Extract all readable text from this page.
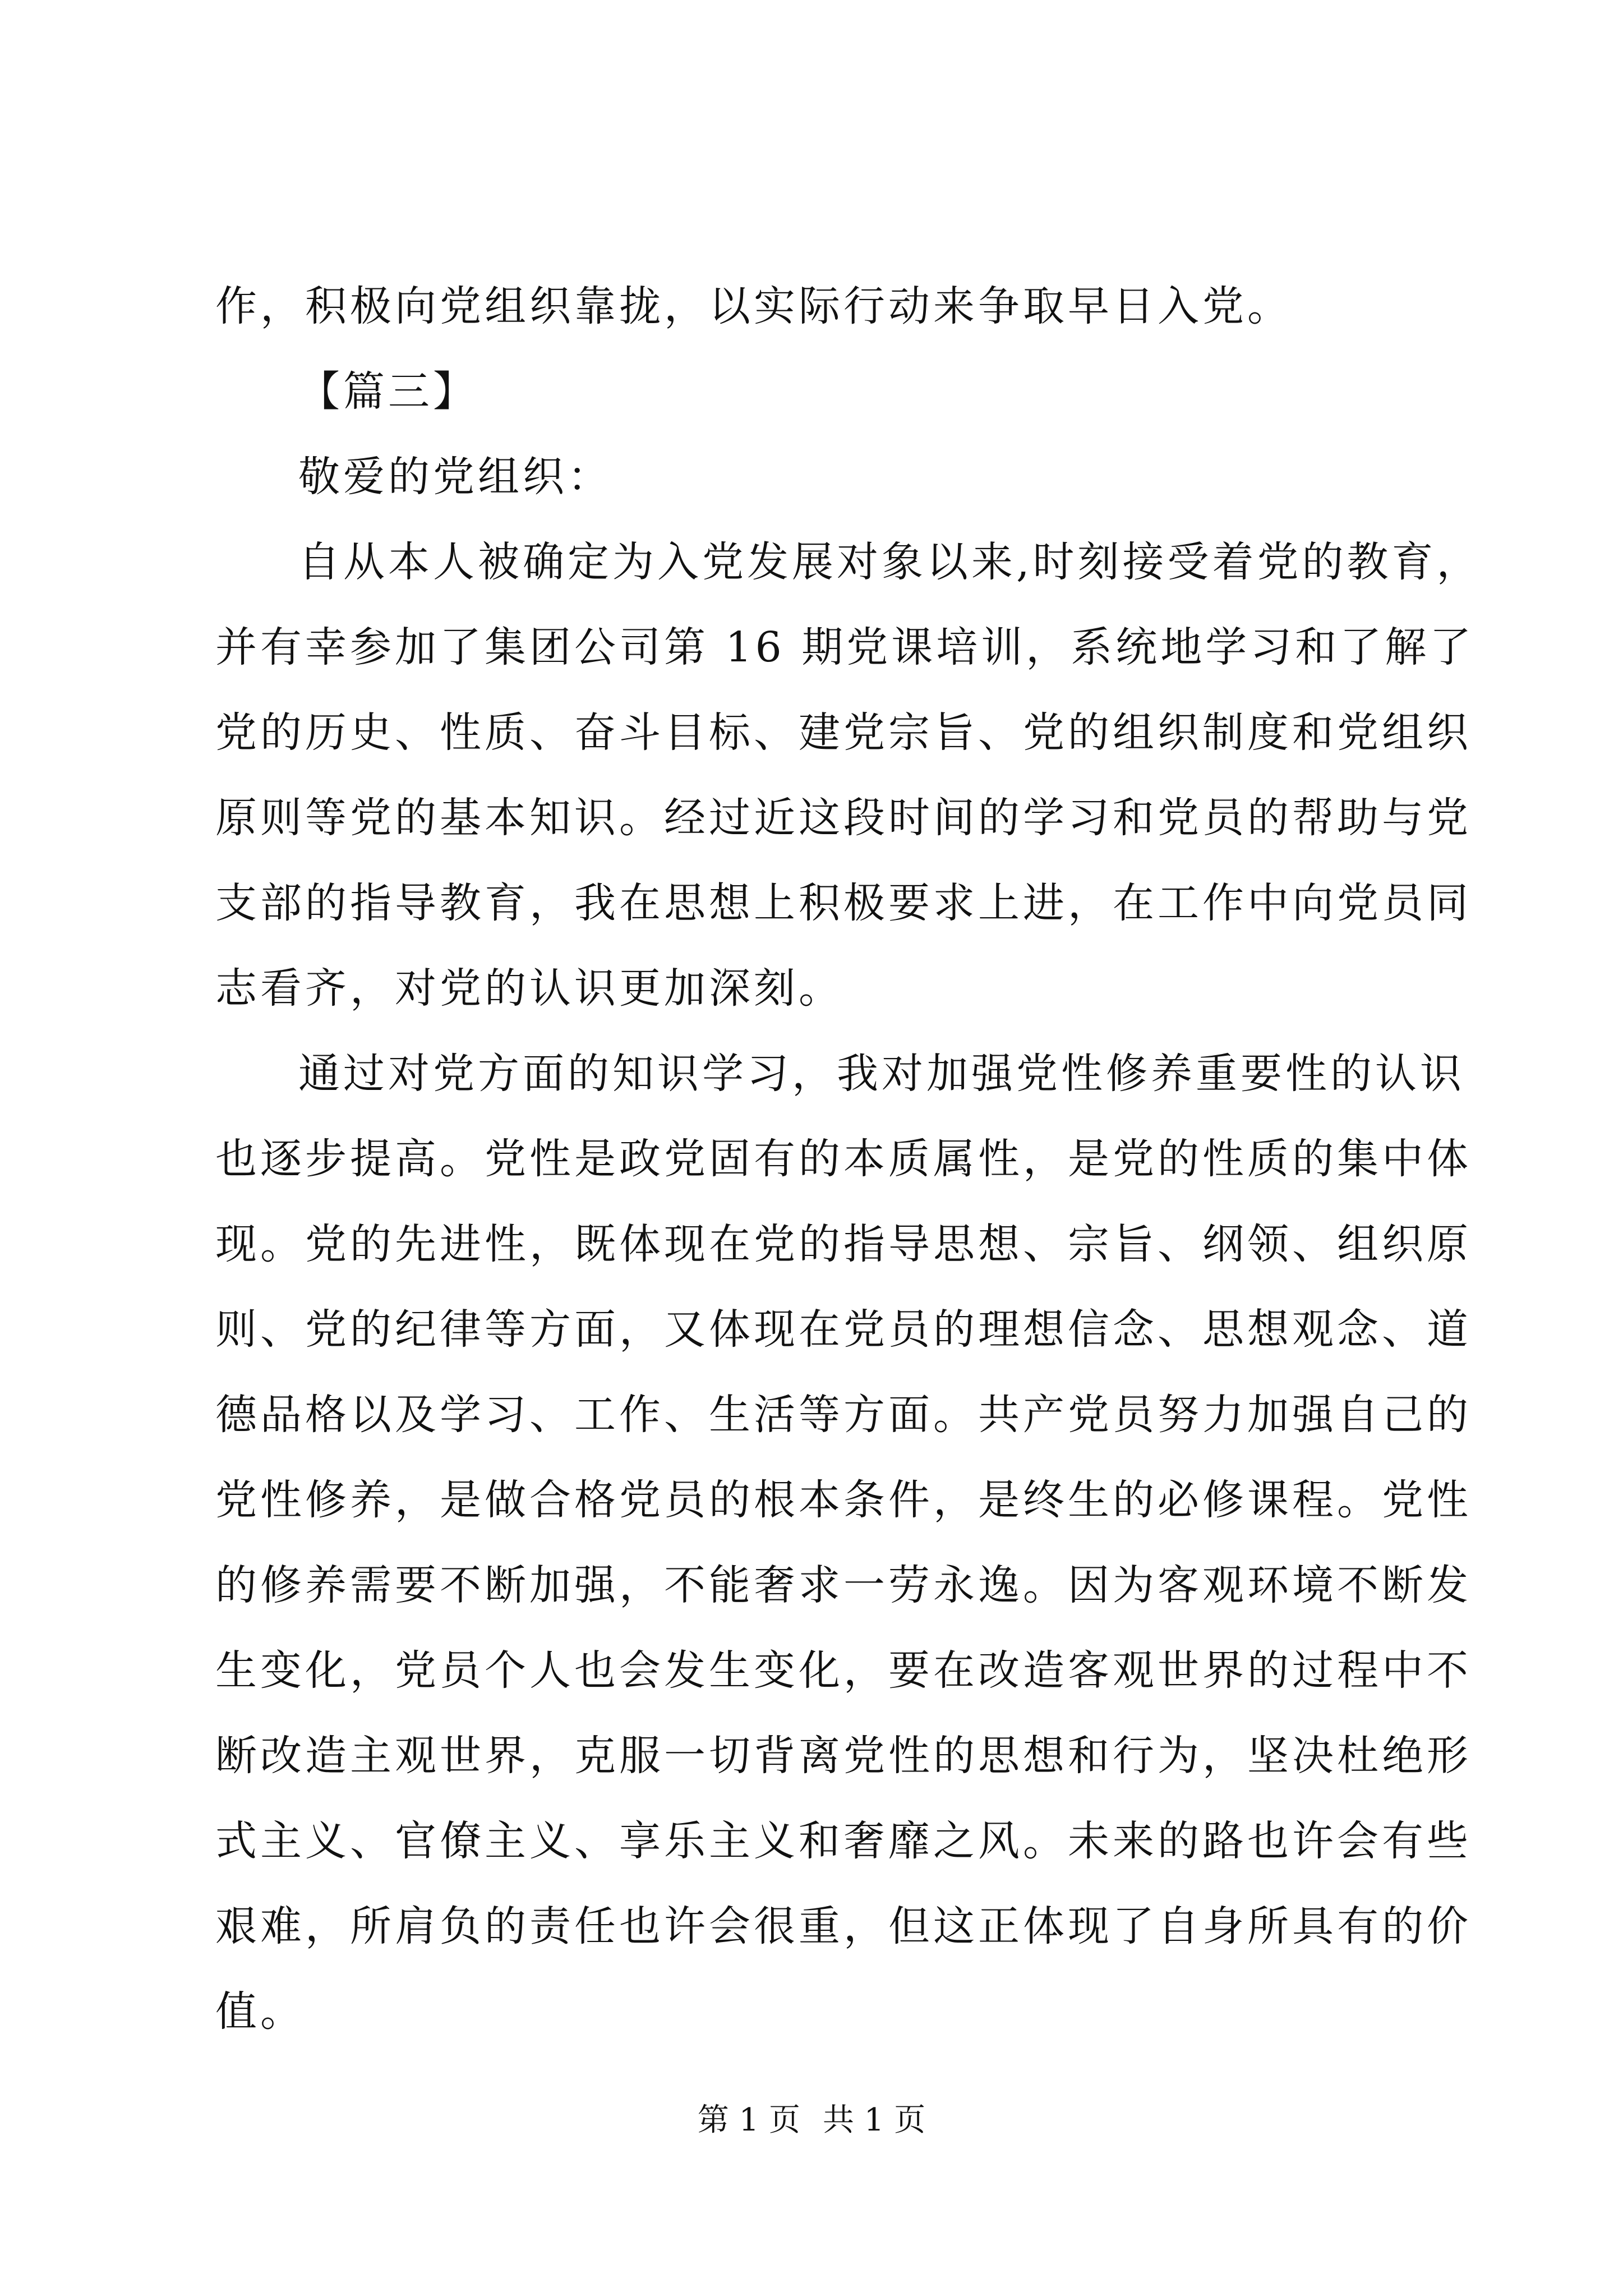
作，积极向党组织靠拢，以实际行动来争取早日入党。
【篇三】
敬爱的党组织：
自从本人被确定为入党发展对象以来,时刻接受着党的教育，
并有幸参加了集团公司第 16 期党课培训，系统地学习和了解了
党的历史、性质、奋斗目标、建党宗旨、党的组织制度和党组织
原则等党的基本知识。经过近这段时间的学习和党员的帮助与党
支部的指导教育，我在思想上积极要求上进，在工作中向党员同
志看齐，对党的认识更加深刻。
通过对党方面的知识学习，我对加强党性修养重要性的认识
也逐步提高。党性是政党固有的本质属性，是党的性质的集中体
现。党的先进性，既体现在党的指导思想、宗旨、纲领、组织原
则、党的纪律等方面，又体现在党员的理想信念、思想观念、道
德品格以及学习、工作、生活等方面。共产党员努力加强自己的
党性修养，是做合格党员的根本条件，是终生的必修课程。党性
的修养需要不断加强，不能奢求一劳永逸。因为客观环境不断发
生变化，党员个人也会发生变化，要在改造客观世界的过程中不
断改造主观世界，克服一切背离党性的思想和行为，坚决杜绝形
式主义、官僚主义、享乐主义和奢靡之风。未来的路也许会有些
艰难，所肩负的责任也许会很重，但这正体现了自身所具有的价
值。
第 1 页 共 1 页
